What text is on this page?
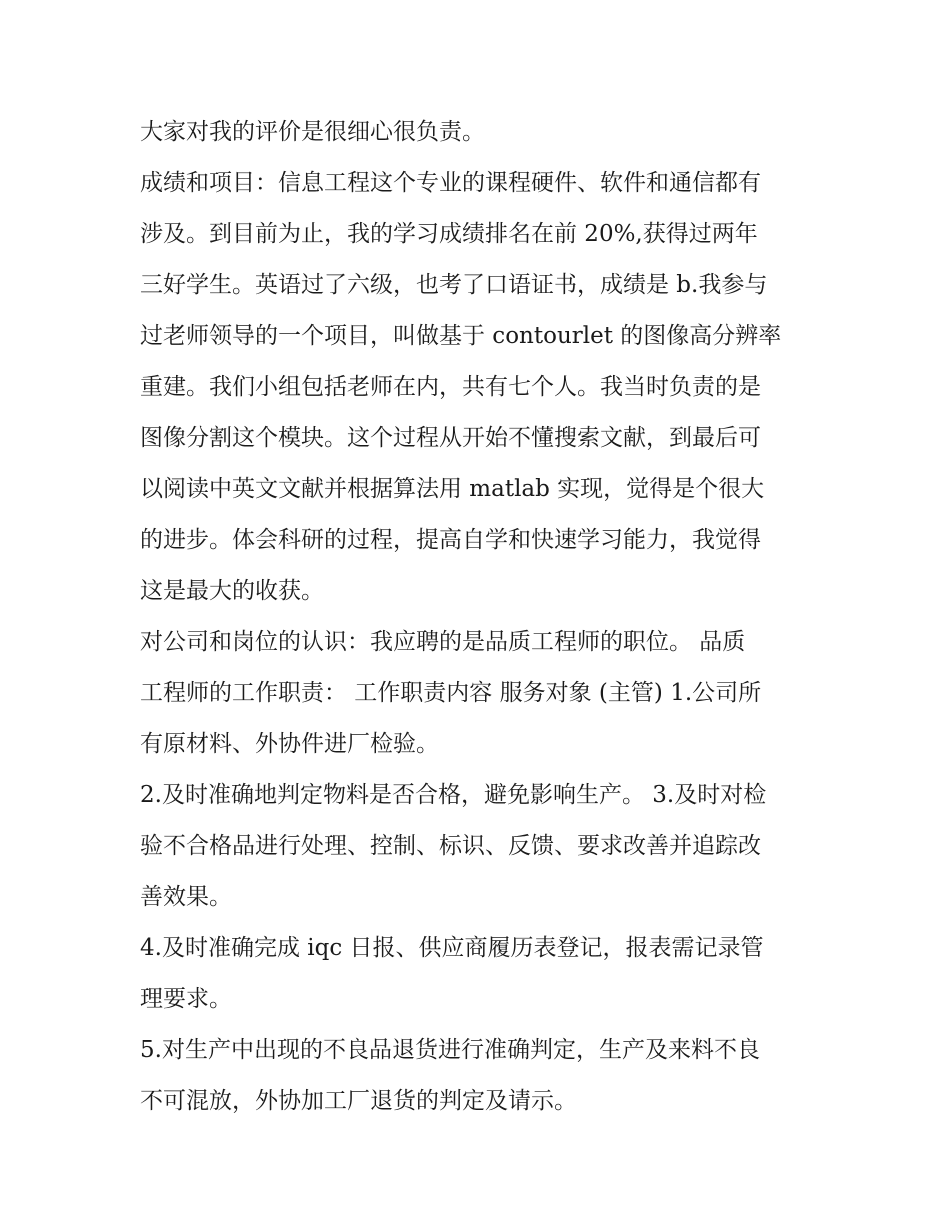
大家对我的评价是很细心很负责。

成绩和项目：信息工程这个专业的课程硬件、软件和通信都有
涉及。到目前为止，我的学习成绩排名在前 20%,获得过两年
三好学生。英语过了六级，也考了口语证书，成绩是 b.我参与
过老师领导的一个项目，叫做基于 contourlet 的图像高分辨率
重建。我们小组包括老师在内，共有七个人。我当时负责的是
图像分割这个模块。这个过程从开始不懂搜索文献，到最后可
以阅读中英文文献并根据算法用 matlab 实现，觉得是个很大
的进步。体会科研的过程，提高自学和快速学习能力，我觉得
这是最大的收获。

对公司和岗位的认识：我应聘的是品质工程师的职位。 品质
工程师的工作职责： 工作职责内容 服务对象 (主管) 1.公司所
有原材料、外协件进厂检验。

2.及时准确地判定物料是否合格，避免影响生产。 3.及时对检
验不合格品进行处理、控制、标识、反馈、要求改善并追踪改
善效果。

4.及时准确完成 iqc 日报、供应商履历表登记，报表需记录管
理要求。

5.对生产中出现的不良品退货进行准确判定，生产及来料不良
不可混放，外协加工厂退货的判定及请示。
